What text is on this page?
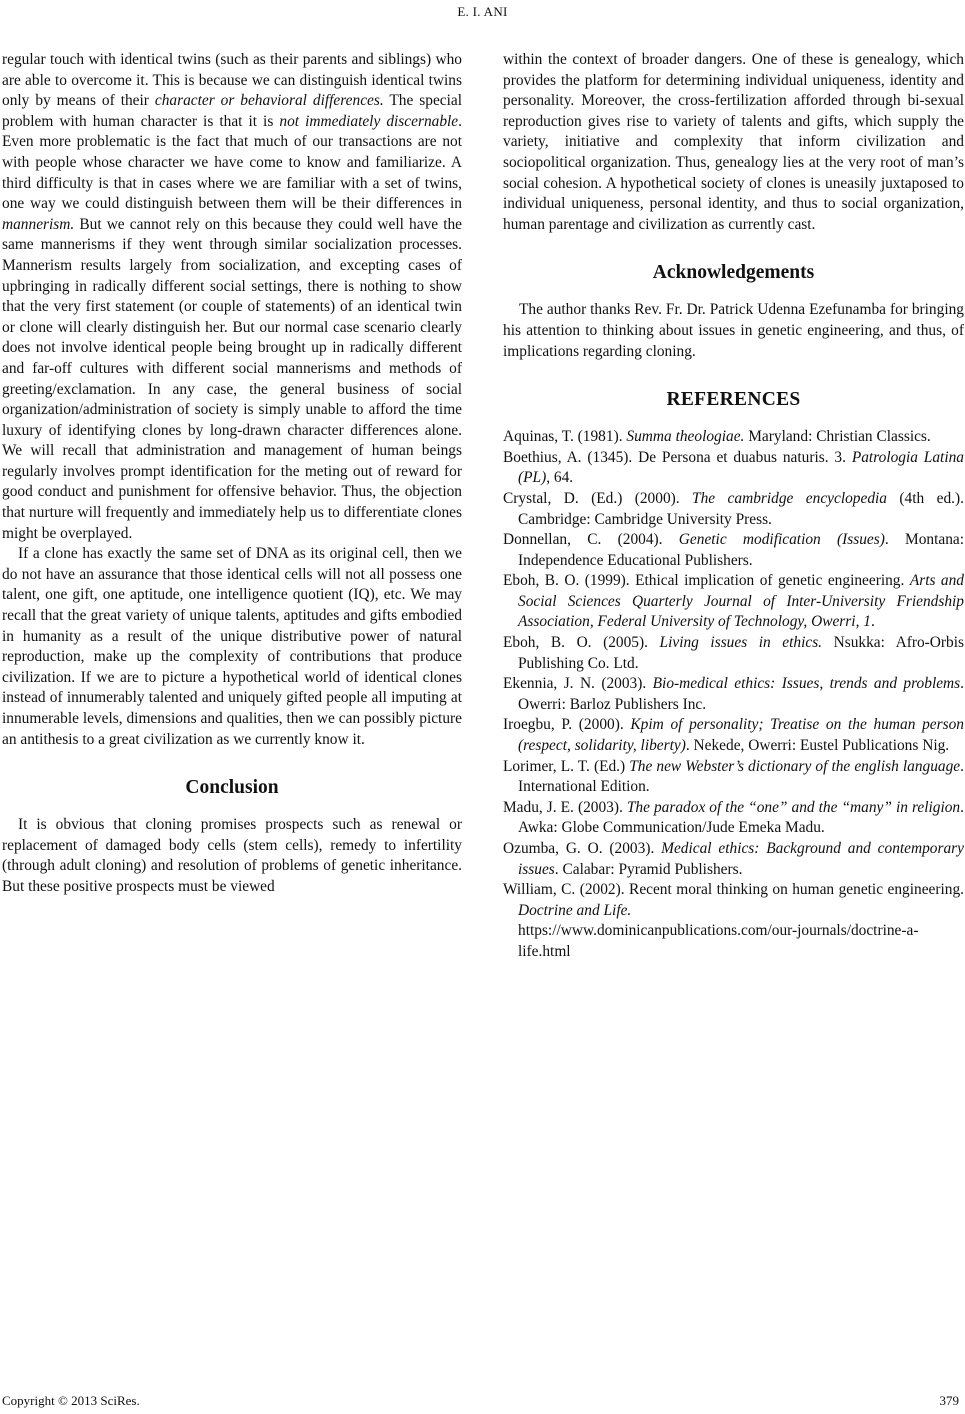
E. I. ANI

regular touch with identical twins (such as their parents and siblings) who are able to overcome it. This is because we can distinguish identical twins only by means of their character or behavioral differences. The special problem with human character is that it is not immediately discernable. Even more problematic is the fact that much of our transactions are not with people whose character we have come to know and familiarize. A third difficulty is that in cases where we are familiar with a set of twins, one way we could distinguish between them will be their differences in mannerism. But we cannot rely on this because they could well have the same mannerisms if they went through similar socialization processes. Mannerism results largely from socialization, and excepting cases of upbringing in radically different social settings, there is nothing to show that the very first statement (or couple of statements) of an identical twin or clone will clearly distinguish her. But our normal case scenario clearly does not involve identical people being brought up in radically different and far-off cultures with different social mannerisms and methods of greeting/exclamation. In any case, the general business of social organization/administration of society is simply unable to afford the time luxury of identifying clones by long-drawn character differences alone. We will recall that administration and management of human beings regularly involves prompt identification for the meting out of reward for good conduct and punishment for offensive behavior. Thus, the objection that nurture will frequently and immediately help us to differentiate clones might be overplayed.

If a clone has exactly the same set of DNA as its original cell, then we do not have an assurance that those identical cells will not all possess one talent, one gift, one aptitude, one intelligence quotient (IQ), etc. We may recall that the great variety of unique talents, aptitudes and gifts embodied in humanity as a result of the unique distributive power of natural reproduction, make up the complexity of contributions that produce civilization. If we are to picture a hypothetical world of identical clones instead of innumerably talented and uniquely gifted people all imputing at innumerable levels, dimensions and qualities, then we can possibly picture an antithesis to a great civilization as we currently know it.

Conclusion

It is obvious that cloning promises prospects such as renewal or replacement of damaged body cells (stem cells), remedy to infertility (through adult cloning) and resolution of problems of genetic inheritance. But these positive prospects must be viewed

within the context of broader dangers. One of these is genealogy, which provides the platform for determining individual uniqueness, identity and personality. Moreover, the cross-fertilization afforded through bi-sexual reproduction gives rise to variety of talents and gifts, which supply the variety, initiative and complexity that inform civilization and sociopolitical organization. Thus, genealogy lies at the very root of man’s social cohesion. A hypothetical society of clones is uneasily juxtaposed to individual uniqueness, personal identity, and thus to social organization, human parentage and civilization as currently cast.

Acknowledgements

The author thanks Rev. Fr. Dr. Patrick Udenna Ezefunamba for bringing his attention to thinking about issues in genetic engineering, and thus, of implications regarding cloning.

REFERENCES

Aquinas, T. (1981). Summa theologiae. Maryland: Christian Classics.

Boethius, A. (1345). De Persona et duabus naturis. 3. Patrologia Latina (PL), 64.

Crystal, D. (Ed.) (2000). The cambridge encyclopedia (4th ed.). Cambridge: Cambridge University Press.

Donnellan, C. (2004). Genetic modification (Issues). Montana: Independence Educational Publishers.

Eboh, B. O. (1999). Ethical implication of genetic engineering. Arts and Social Sciences Quarterly Journal of Inter-University Friendship Association, Federal University of Technology, Owerri, 1.

Eboh, B. O. (2005). Living issues in ethics. Nsukka: Afro-Orbis Publishing Co. Ltd.

Ekennia, J. N. (2003). Bio-medical ethics: Issues, trends and problems. Owerri: Barloz Publishers Inc.

Iroegbu, P. (2000). Kpim of personality; Treatise on the human person (respect, solidarity, liberty). Nekede, Owerri: Eustel Publications Nig.

Lorimer, L. T. (Ed.) The new Webster’s dictionary of the english language. International Edition.

Madu, J. E. (2003). The paradox of the “one” and the “many” in religion. Awka: Globe Communication/Jude Emeka Madu.

Ozumba, G. O. (2003). Medical ethics: Background and contemporary issues. Calabar: Pyramid Publishers.

William, C. (2002). Recent moral thinking on human genetic engineering. Doctrine and Life.
https://www.dominicanpublications.com/our-journals/doctrine-a-life.html

Copyright © 2013 SciRes.	379
